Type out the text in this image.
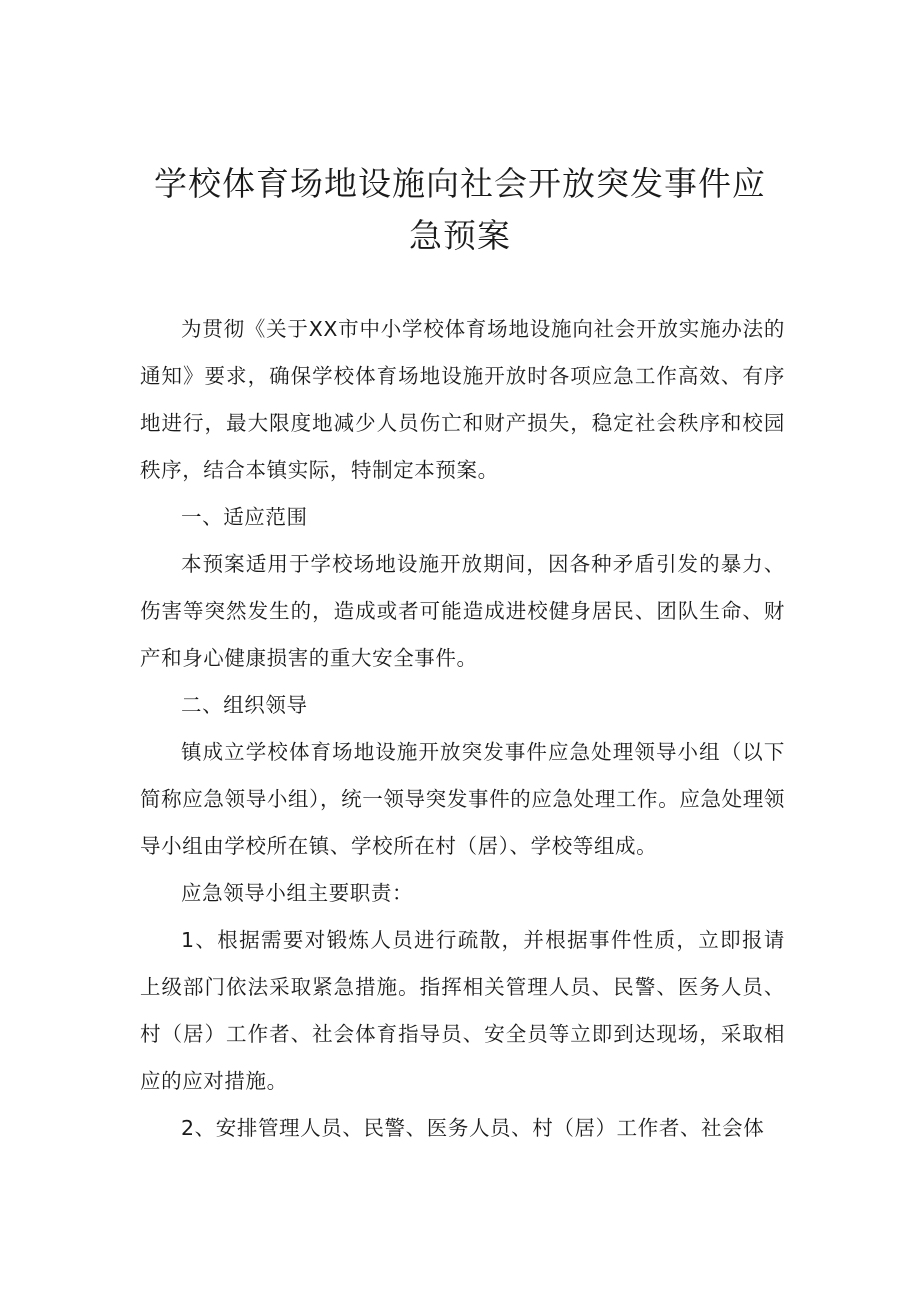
学校体育场地设施向社会开放突发事件应
急预案

为贯彻《关于XX市中小学校体育场地设施向社会开放实施办法的通知》要求，确保学校体育场地设施开放时各项应急工作高效、有序地进行，最大限度地减少人员伤亡和财产损失，稳定社会秩序和校园秩序，结合本镇实际，特制定本预案。

一、适应范围

本预案适用于学校场地设施开放期间，因各种矛盾引发的暴力、伤害等突然发生的，造成或者可能造成进校健身居民、团队生命、财产和身心健康损害的重大安全事件。

二、组织领导

镇成立学校体育场地设施开放突发事件应急处理领导小组（以下简称应急领导小组），统一领导突发事件的应急处理工作。应急处理领导小组由学校所在镇、学校所在村（居）、学校等组成。

应急领导小组主要职责：

1、根据需要对锻炼人员进行疏散，并根据事件性质，立即报请上级部门依法采取紧急措施。指挥相关管理人员、民警、医务人员、村（居）工作者、社会体育指导员、安全员等立即到达现场，采取相应的应对措施。

2、安排管理人员、民警、医务人员、村（居）工作者、社会体
